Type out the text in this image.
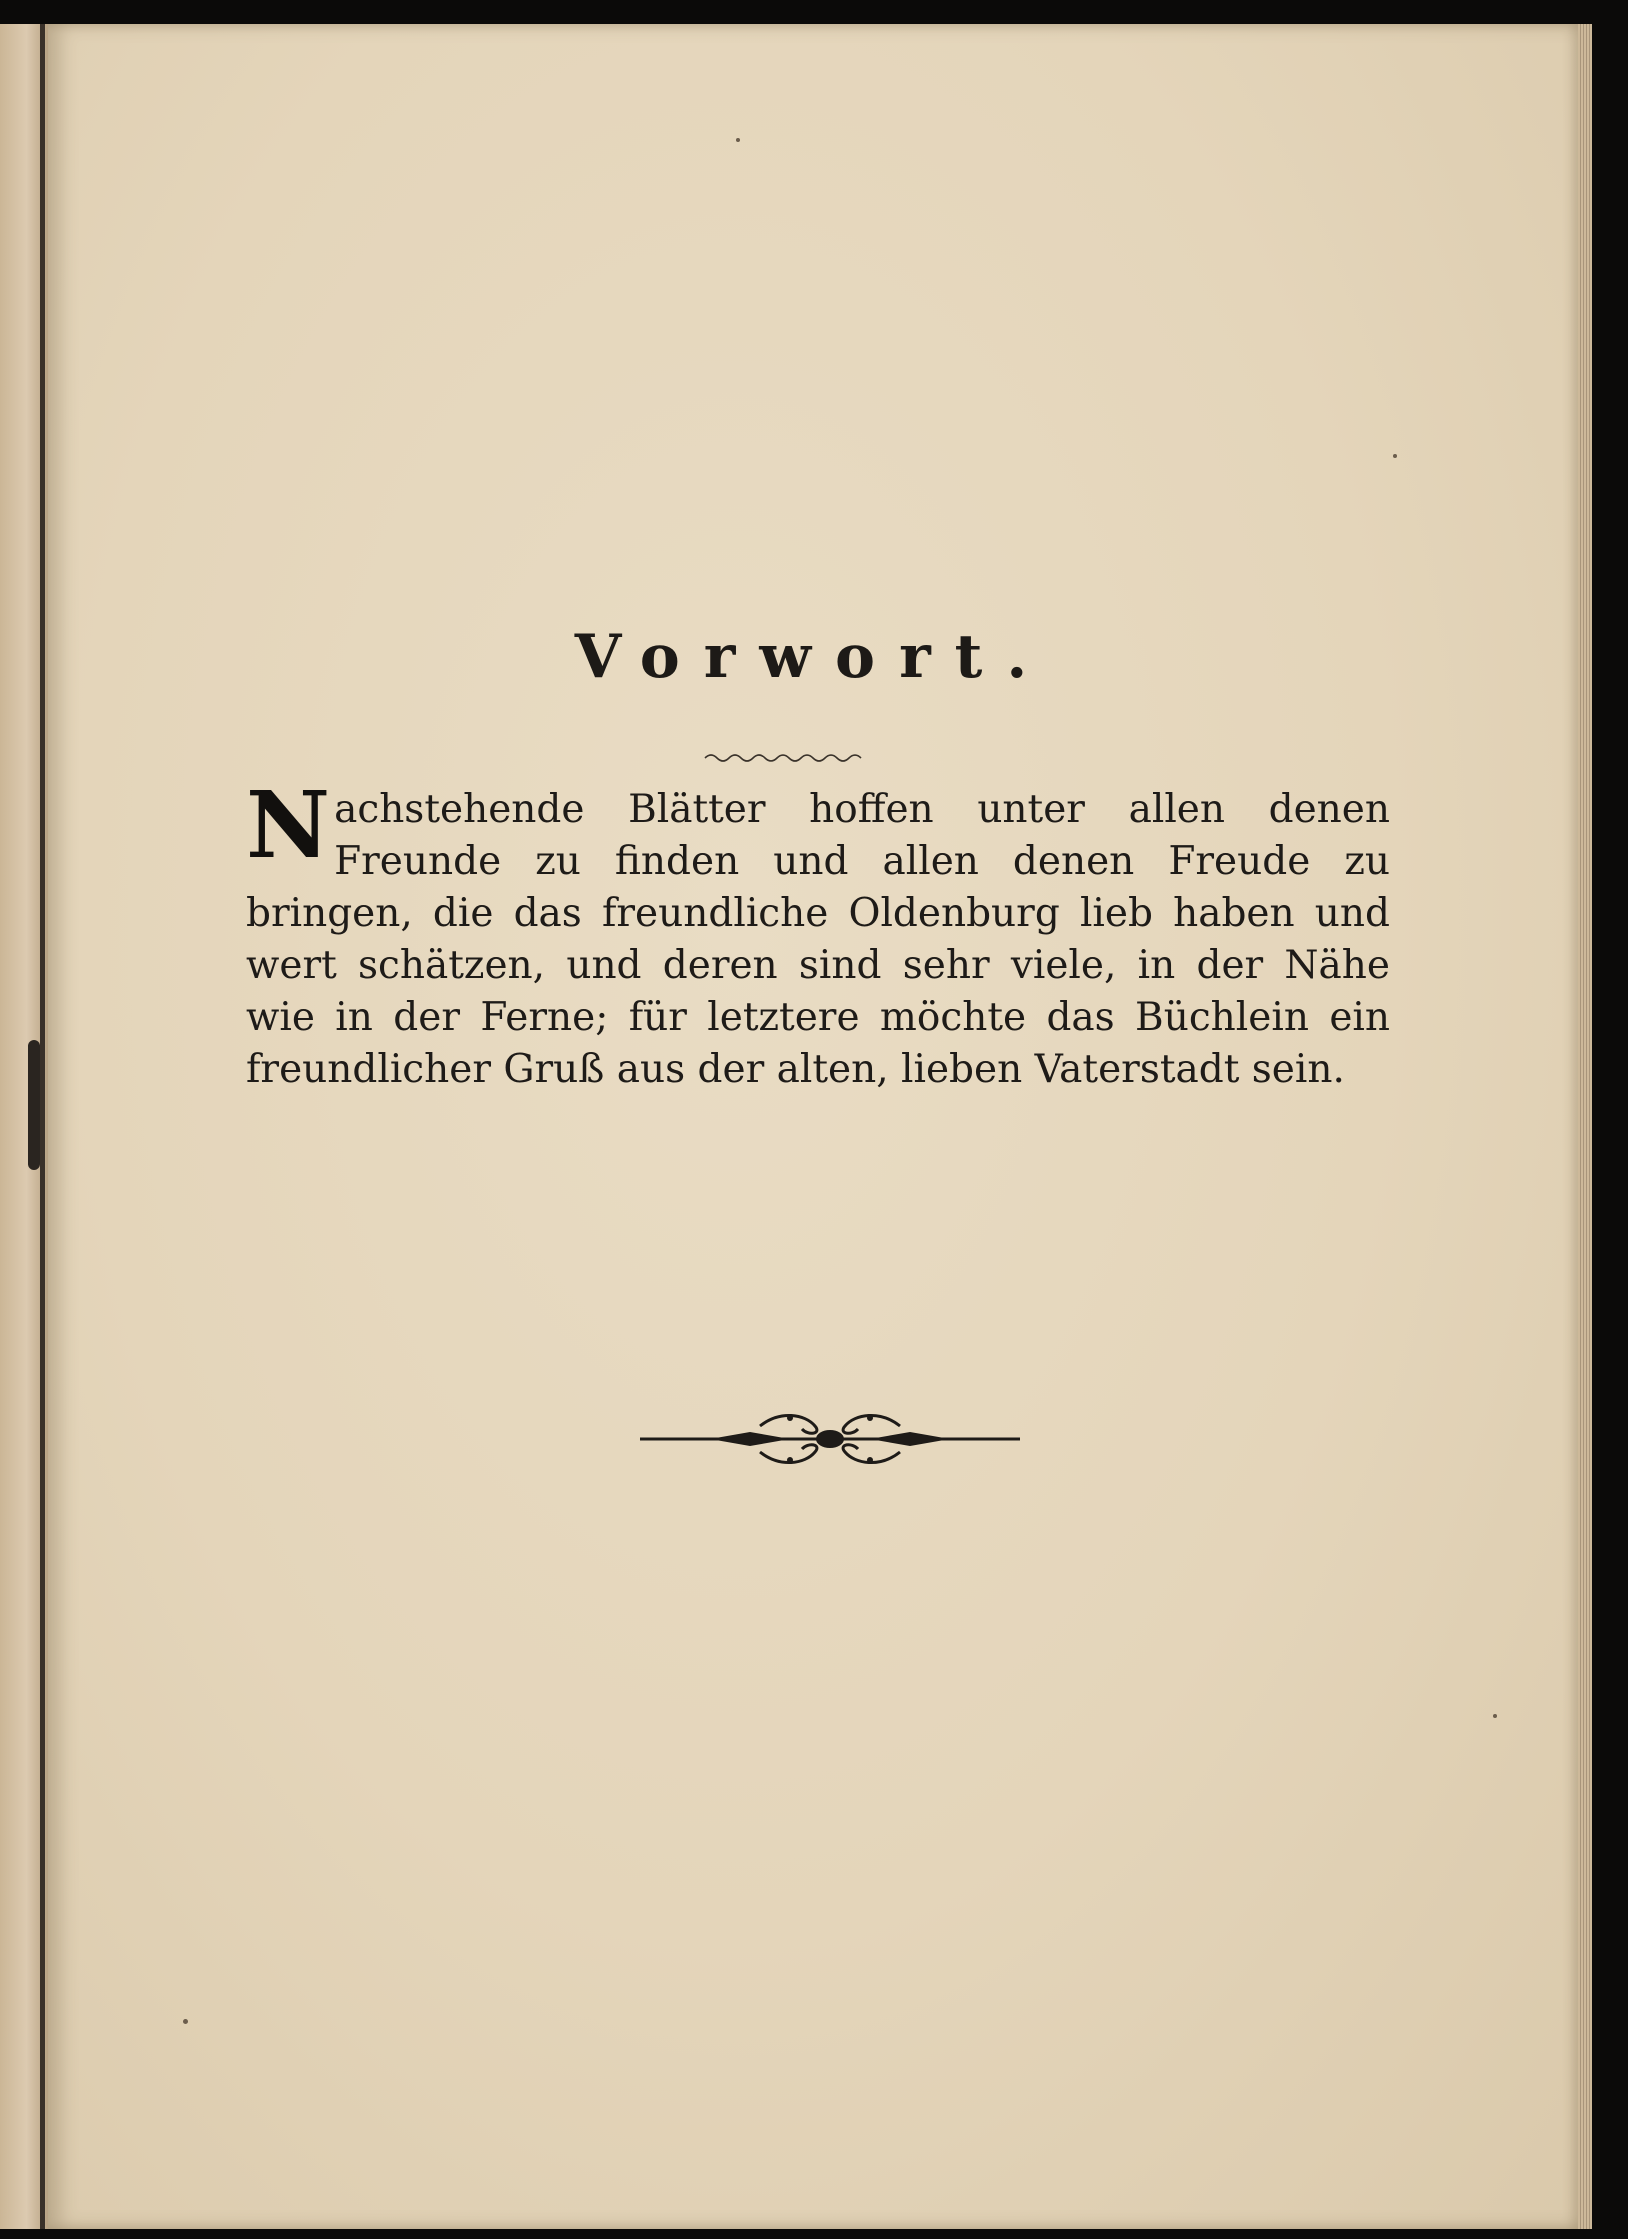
Vorwort.

Nachstehende Blätter hoffen unter allen denen Freunde zu finden und allen denen Freude zu bringen, die das freundliche Oldenburg lieb haben und wert schätzen, und deren sind sehr viele, in der Nähe wie in der Ferne; für letztere möchte das Büchlein ein freundlicher Gruß aus der alten, lieben Vaterstadt sein.
